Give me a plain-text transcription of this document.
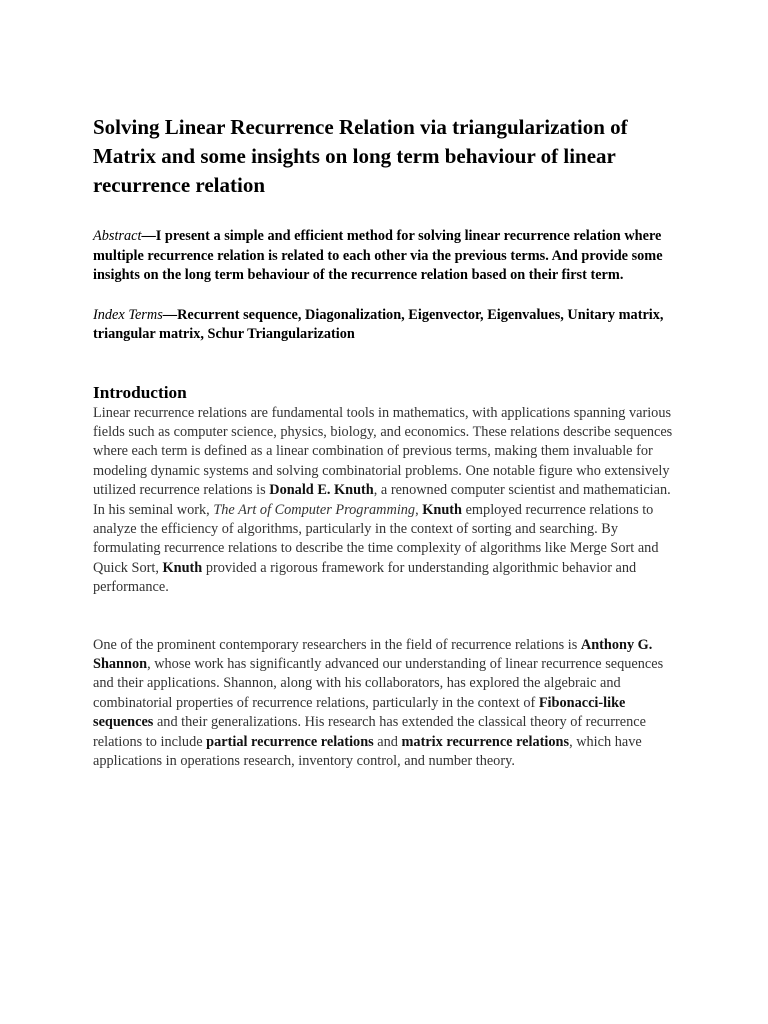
Solving Linear Recurrence Relation via triangularization of Matrix and some insights on long term behaviour of linear recurrence relation

Abstract—I present a simple and efficient method for solving linear recurrence relation where multiple recurrence relation is related to each other via the previous terms. And provide some insights on the long term behaviour of the recurrence relation based on their first term.

Index Terms—Recurrent sequence, Diagonalization, Eigenvector, Eigenvalues, Unitary matrix, triangular matrix, Schur Triangularization

Introduction

Linear recurrence relations are fundamental tools in mathematics, with applications spanning various fields such as computer science, physics, biology, and economics. These relations describe sequences where each term is defined as a linear combination of previous terms, making them invaluable for modeling dynamic systems and solving combinatorial problems. One notable figure who extensively utilized recurrence relations is Donald E. Knuth, a renowned computer scientist and mathematician. In his seminal work, The Art of Computer Programming, Knuth employed recurrence relations to analyze the efficiency of algorithms, particularly in the context of sorting and searching. By formulating recurrence relations to describe the time complexity of algorithms like Merge Sort and Quick Sort, Knuth provided a rigorous framework for understanding algorithmic behavior and performance.

One of the prominent contemporary researchers in the field of recurrence relations is Anthony G. Shannon, whose work has significantly advanced our understanding of linear recurrence sequences and their applications. Shannon, along with his collaborators, has explored the algebraic and combinatorial properties of recurrence relations, particularly in the context of Fibonacci-like sequences and their generalizations. His research has extended the classical theory of recurrence relations to include partial recurrence relations and matrix recurrence relations, which have applications in operations research, inventory control, and number theory.
